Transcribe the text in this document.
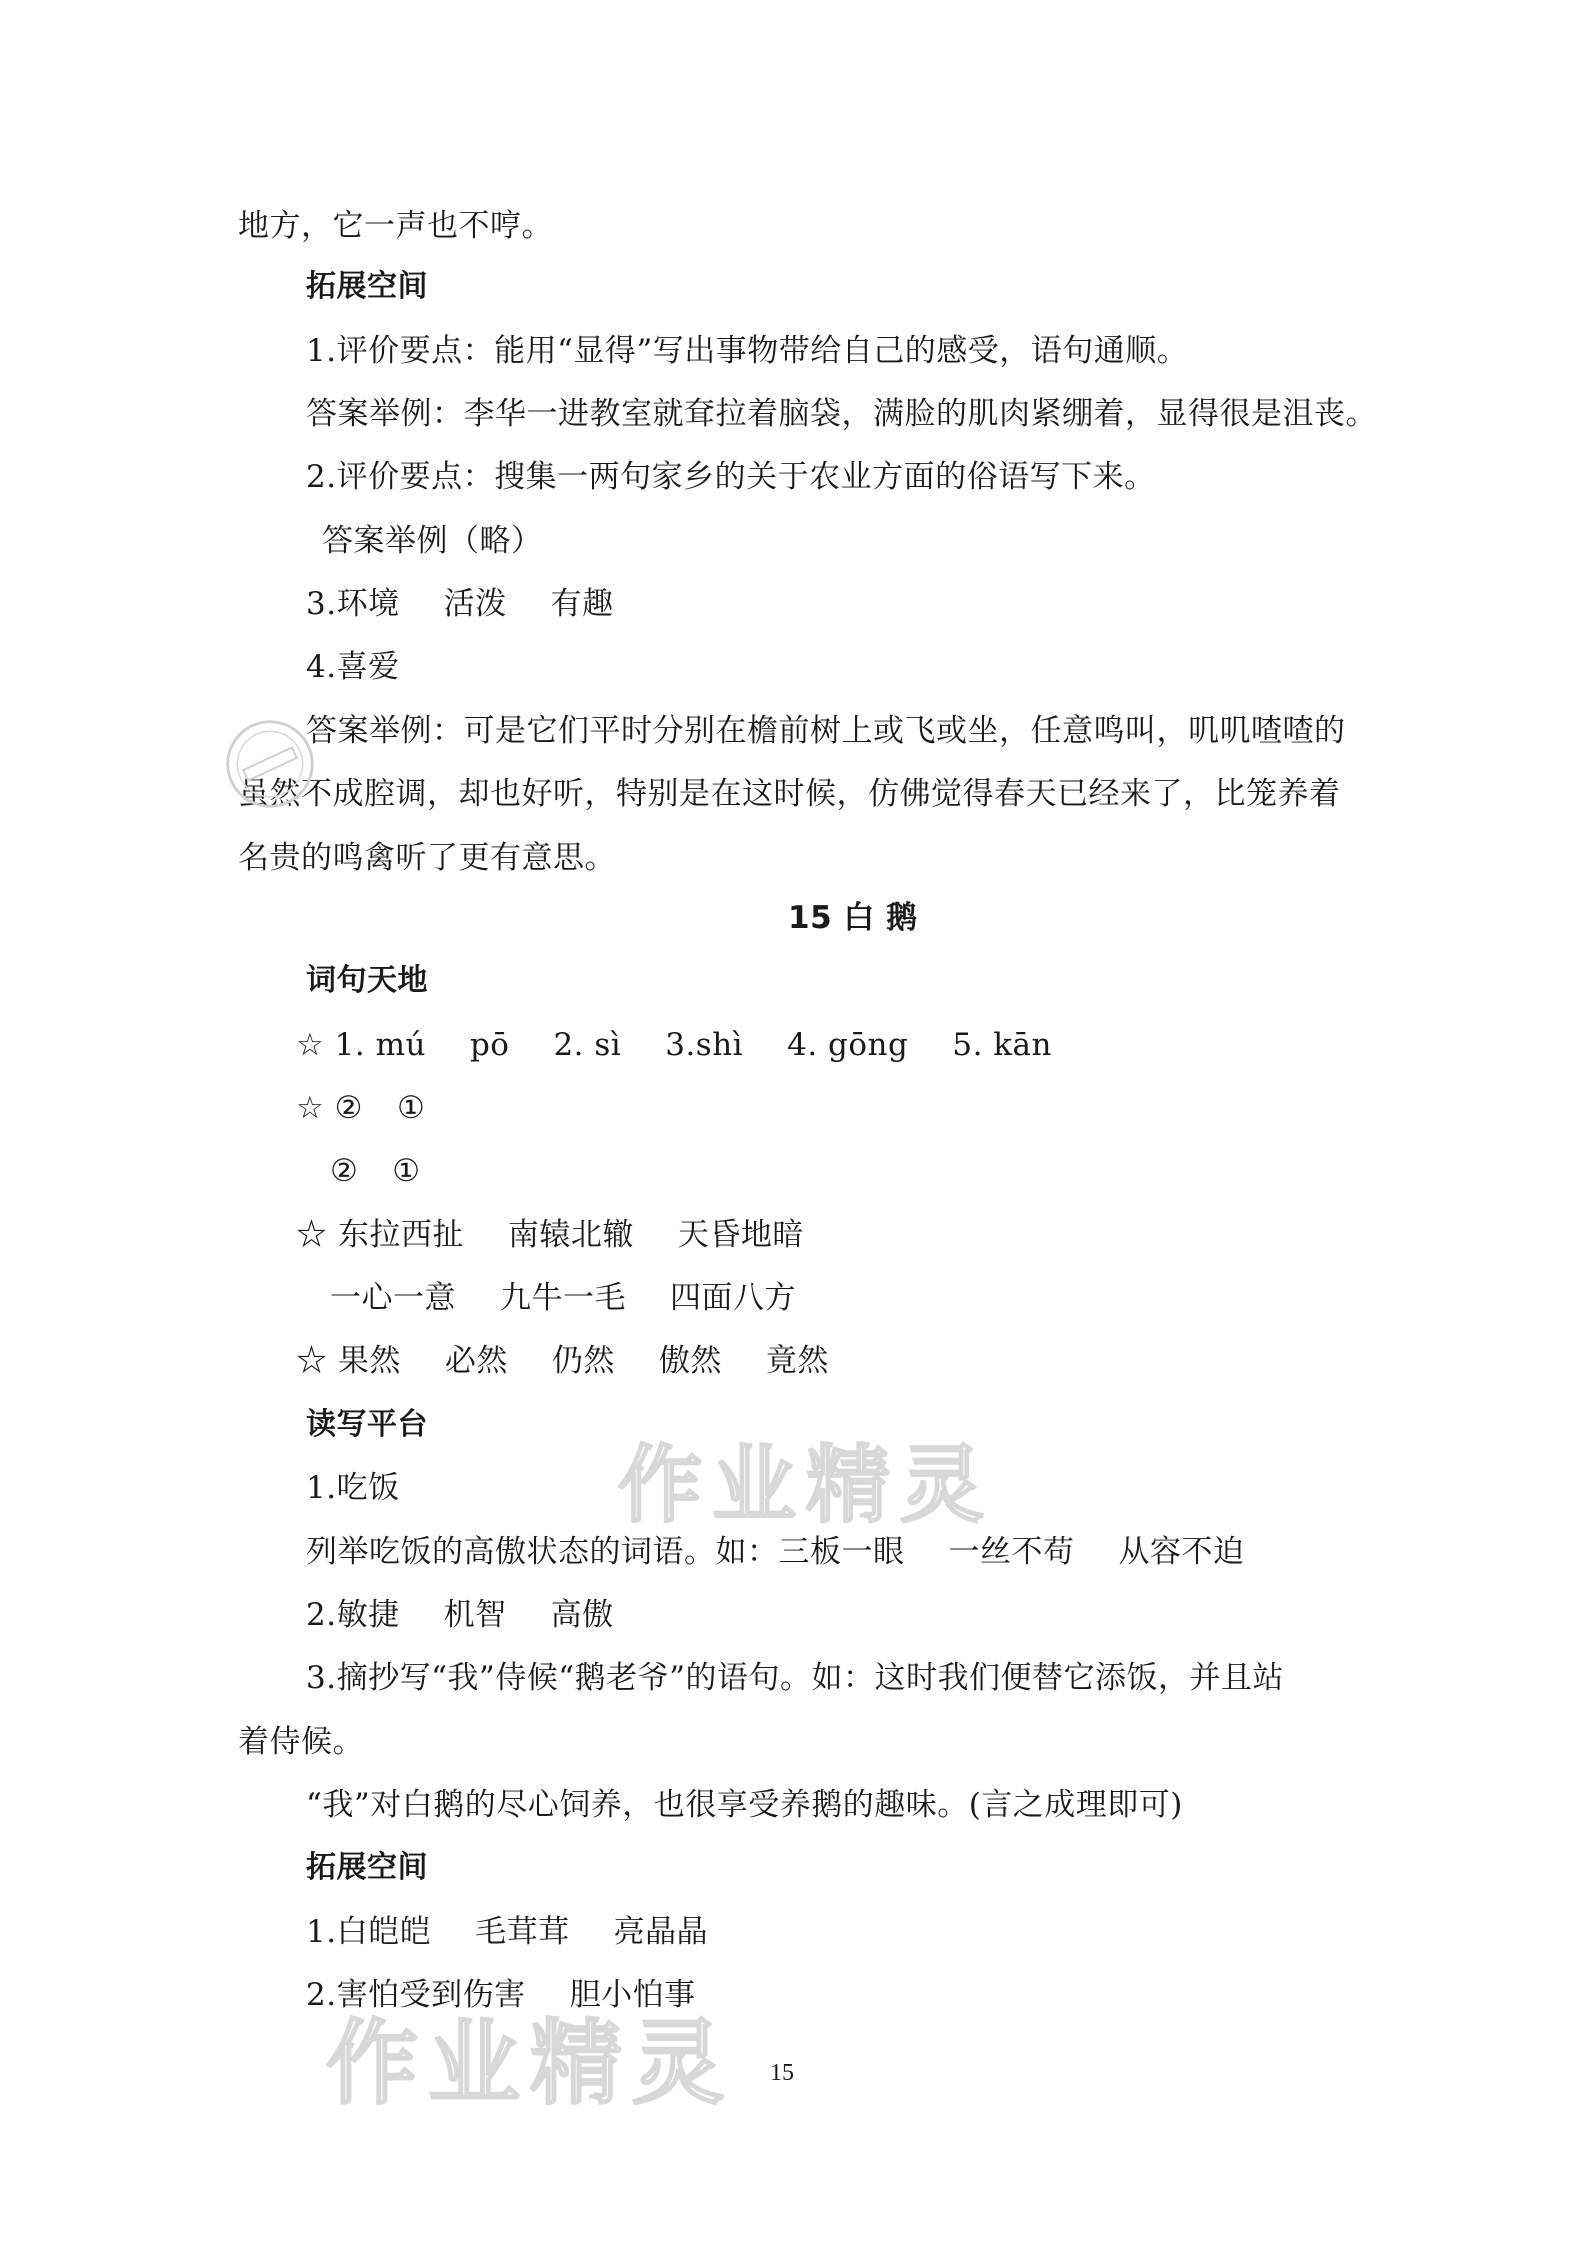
地方，它一声也不哼。
拓展空间
1.评价要点：能用“显得”写出事物带给自己的感受，语句通顺。
答案举例：李华一进教室就耷拉着脑袋，满脸的肌肉紧绷着，显得很是沮丧。
2.评价要点：搜集一两句家乡的关于农业方面的俗语写下来。
答案举例（略）
3.环境 活泼 有趣
4.喜爱
答案举例：可是它们平时分别在檐前树上或飞或坐，任意鸣叫，叽叽喳喳的
虽然不成腔调，却也好听，特别是在这时候，仿佛觉得春天已经来了，比笼养着
名贵的鸣禽听了更有意思。
15 白 鹅
词句天地
☆ 1. mú pō 2. sì 3.shì 4. gōng 5. kān
☆ ② ①
② ①
☆ 东拉西扯 南辕北辙 天昏地暗
一心一意 九牛一毛 四面八方
☆ 果然 必然 仍然 傲然 竟然
读写平台
1.吃饭
列举吃饭的高傲状态的词语。如：三板一眼 一丝不苟 从容不迫
2.敏捷 机智 高傲
3.摘抄写“我”侍候“鹅老爷”的语句。如：这时我们便替它添饭，并且站
着侍候。
“我”对白鹅的尽心饲养，也很享受养鹅的趣味。(言之成理即可)
拓展空间
1.白皑皑 毛茸茸 亮晶晶
2.害怕受到伤害 胆小怕事
15
作业精灵
作业精灵
